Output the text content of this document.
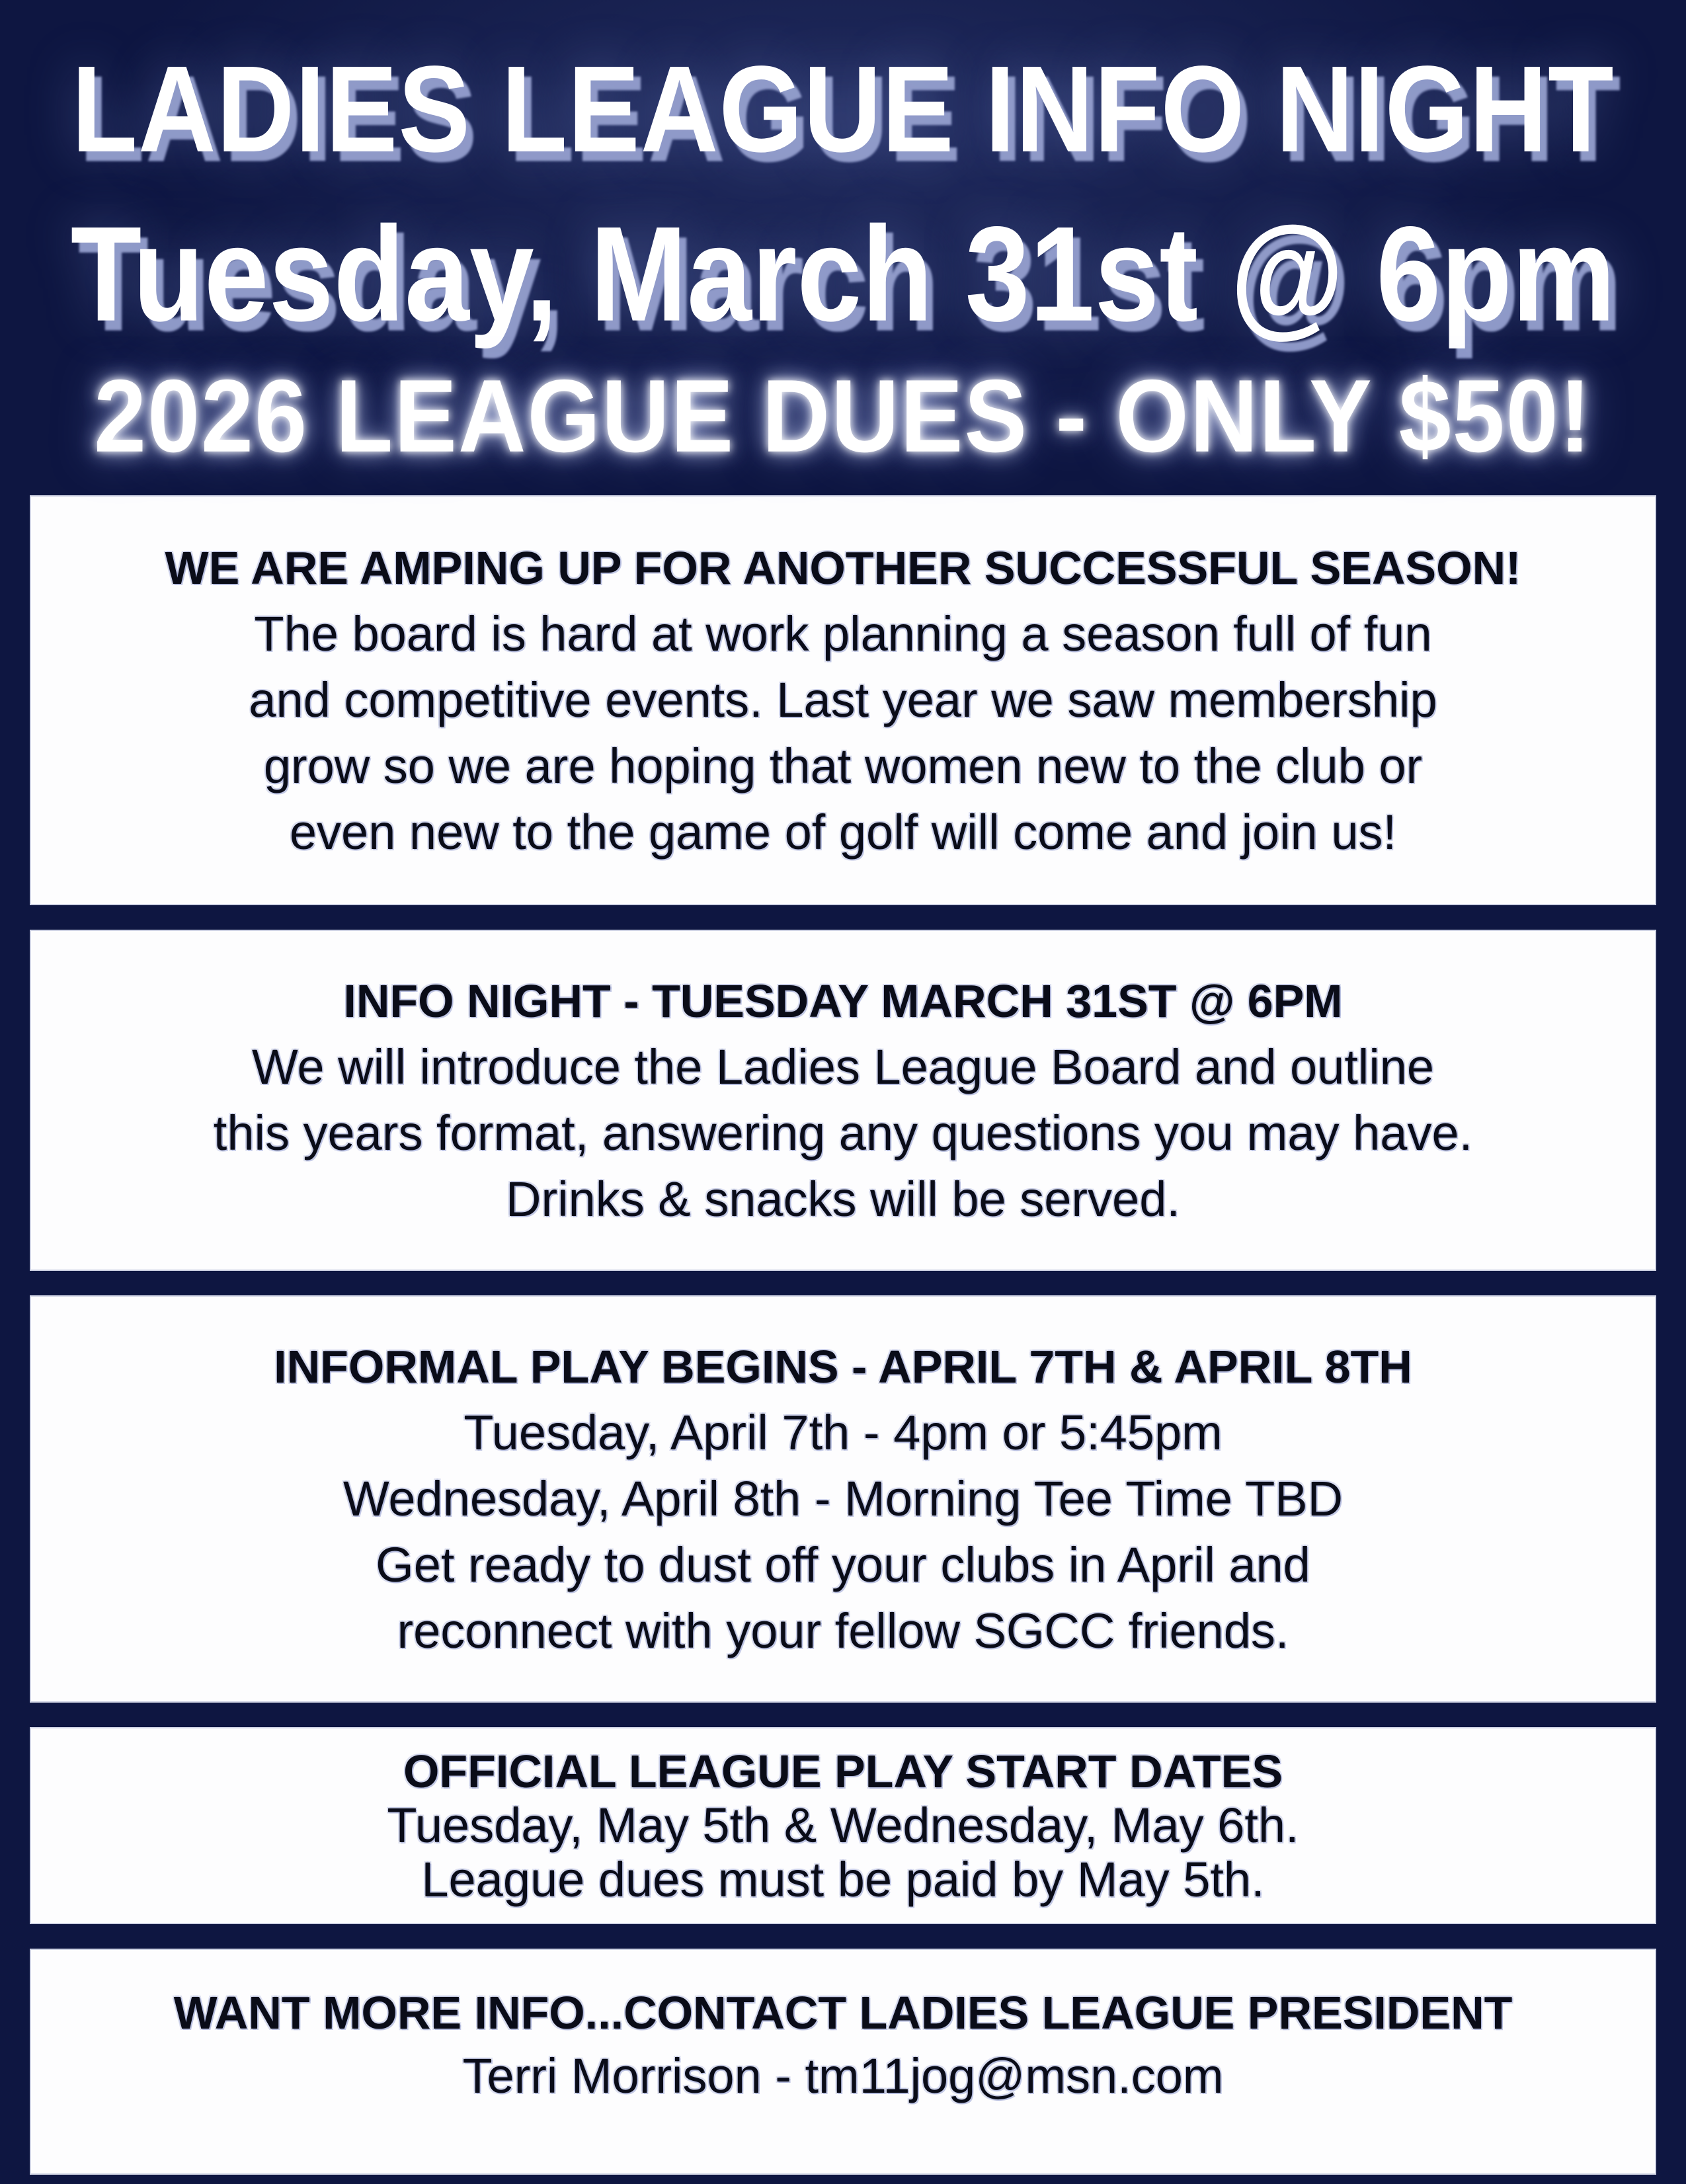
LADIES LEAGUE INFO NIGHT
Tuesday, March 31st @ 6pm
2026 LEAGUE DUES - ONLY $50!
WE ARE AMPING UP FOR ANOTHER SUCCESSFUL SEASON!
The board is hard at work planning a season full of fun
and competitive events. Last year we saw membership
grow so we are hoping that women new to the club or
even new to the game of golf will come and join us!
INFO NIGHT - TUESDAY MARCH 31ST @ 6PM
We will introduce the Ladies League Board and outline
this years format, answering any questions you may have.
Drinks & snacks will be served.
INFORMAL PLAY BEGINS - APRIL 7TH & APRIL 8TH
Tuesday, April 7th - 4pm or 5:45pm
Wednesday, April 8th - Morning Tee Time TBD
Get ready to dust off your clubs in April and
reconnect with your fellow SGCC friends.
OFFICIAL LEAGUE PLAY START DATES
Tuesday, May 5th & Wednesday, May 6th.
League dues must be paid by May 5th.
WANT MORE INFO...CONTACT LADIES LEAGUE PRESIDENT
Terri Morrison - tm11jog@msn.com
